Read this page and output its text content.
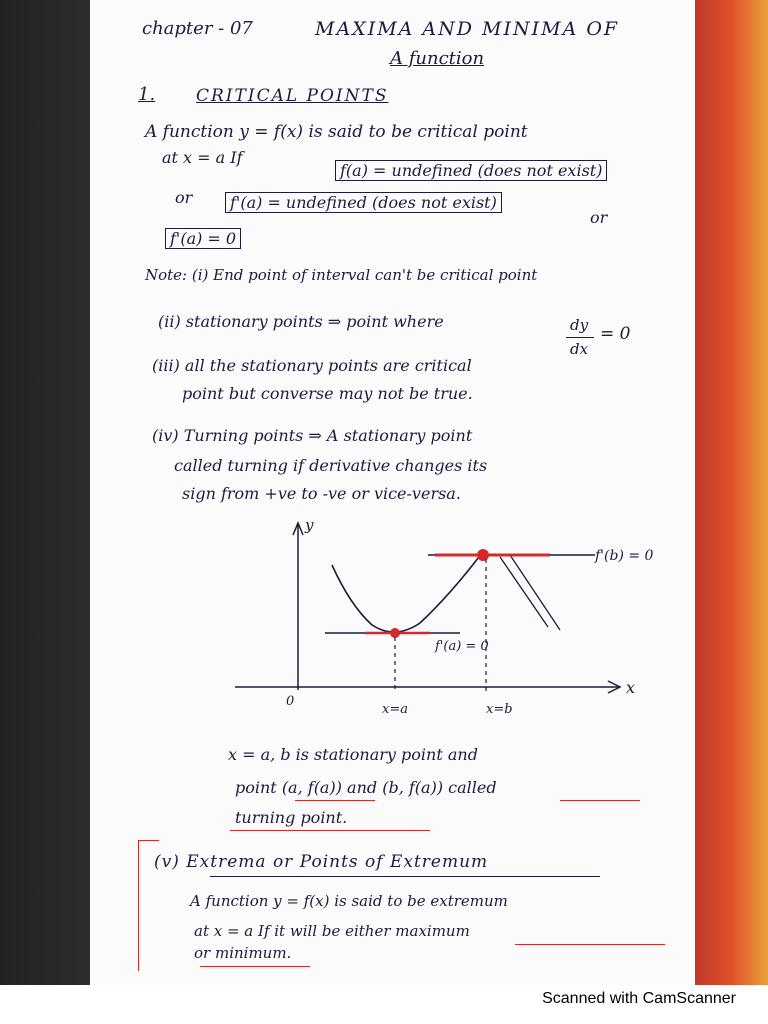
chapter - 07	MAXIMA AND MINIMA OF
A function
1. CRITICAL POINTS
A function y = f(x) is said to be critical point
at x = a If
f(a) = undefined (does not exist)
or	f'(a) = undefined (does not exist)
or
f'(a) = 0
Note: (i) End point of interval can't be critical point
(ii) stationary points ⇒ point where	dy
dx
= 0
(iii) all the stationary points are critical
point but converse may not be true.
(iv) Turning points ⇒ A stationary point
called turning if derivative changes its
sign from +ve to -ve or vice-versa.
y
x
0
f'(b) = 0
f'(a) = 0
x=a	x=b
x = a, b is stationary point and
point (a, f(a)) and (b, f(a)) called
turning point.
(v) Extrema or Points of Extremum
A function y = f(x) is said to be extremum
at x = a If it will be either maximum
or minimum.
Scanned with CamScanner
